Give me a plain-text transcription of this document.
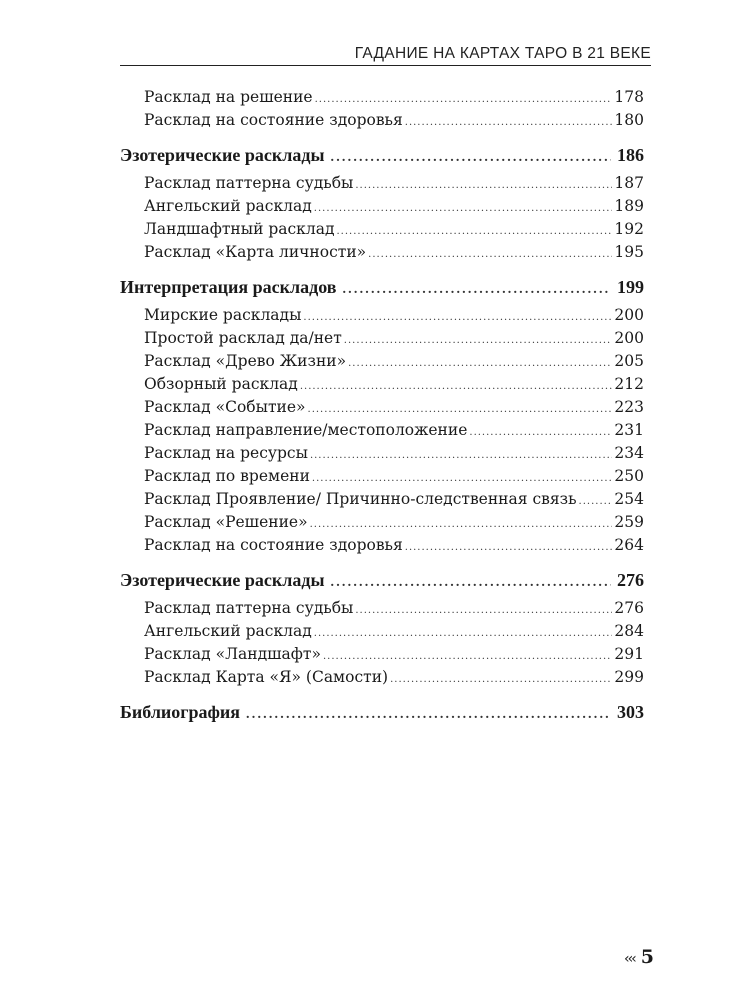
ГАДАНИЕ НА КАРТАХ ТАРО В 21 ВЕКЕ
Расклад на решение .....	178
Расклад на состояние здоровья .....	180
Эзотерические расклады .....	186
Расклад паттерна судьбы .....	187
Ангельский расклад .....	189
Ландшафтный расклад .....	192
Расклад «Карта личности» .....	195
Интерпретация раскладов .....	199
Мирские расклады .....	200
Простой расклад да/нет .....	200
Расклад «Древо Жизни» .....	205
Обзорный расклад .....	212
Расклад «Событие» .....	223
Расклад направление/местоположение .....	231
Расклад на ресурсы .....	234
Расклад по времени .....	250
Расклад Проявление/ Причинно-следственная связь ..... 254
Расклад «Решение» .....	259
Расклад на состояние здоровья .....	264
Эзотерические расклады .....	276
Расклад паттерна судьбы .....	276
Ангельский расклад .....	284
Расклад «Ландшафт» .....	291
Расклад Карта «Я» (Самости) .....	299
Библиография .....	303
‹‹‹ 5
